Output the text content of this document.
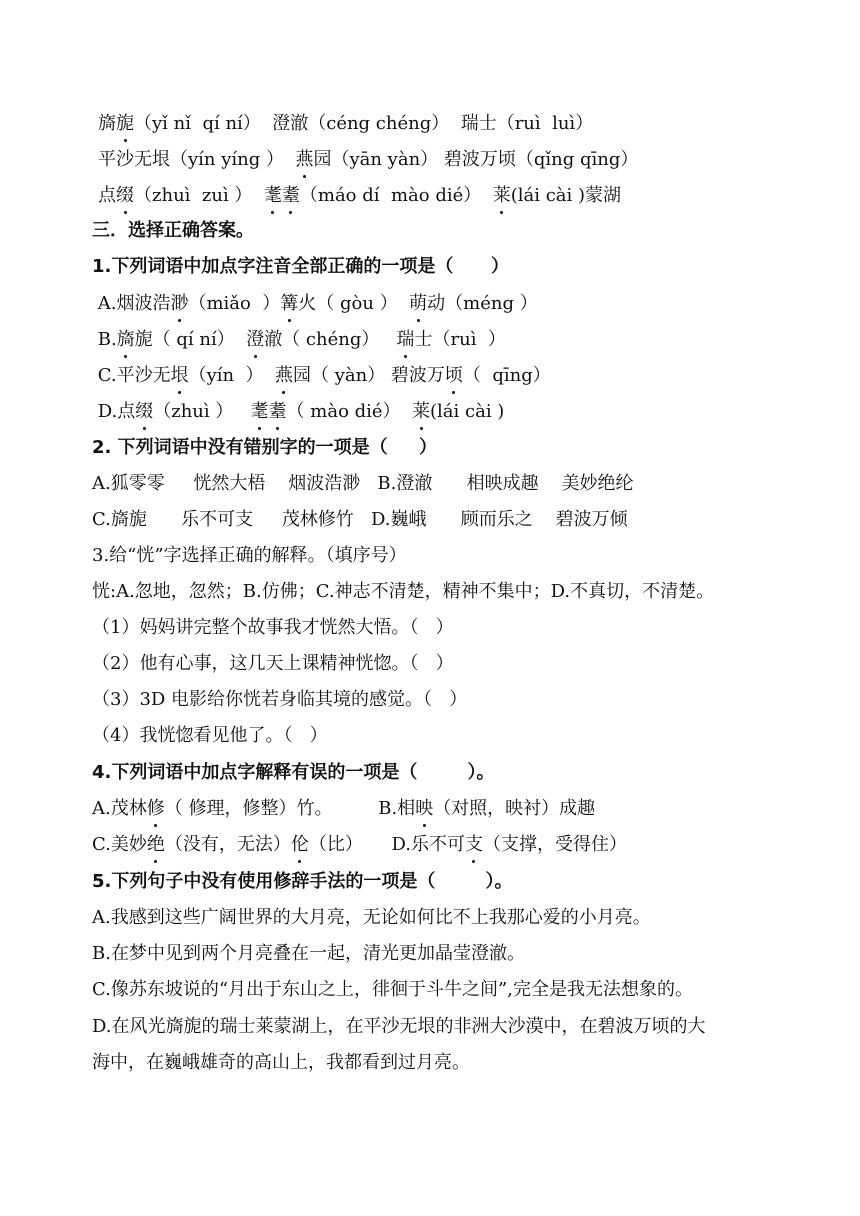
旖旎（yǐ nǐ  qí ní）  澄澈（céng chéng）  瑞士（ruì  luì）
平沙无垠（yín yíng ）  燕园（yān yàn） 碧波万顷（qǐng qīng）
点缀（zhuì  zuì ）  耄耋（máo dí  mào dié）  莱(lái cài )蒙湖
三．选择正确答案。
1.下列词语中加点字注音全部正确的一项是（      ）
A.烟波浩渺（miǎo  ）篝火（ gòu ）  萌动（méng ）
B.旖旎（ qí ní）  澄澈（ chéng）   瑞士（ruì  ）
C.平沙无垠（yín  ）  燕园（ yàn） 碧波万顷（  qīng）
D.点缀（zhuì ）   耄耋（ mào dié）  莱(lái cài )
2. 下列词语中没有错别字的一项是（     ）
A.狐零零     恍然大梧    烟波浩渺   B.澄澈      相映成趣    美妙绝纶
C.旖旎      乐不可支     茂林修竹   D.巍峨      顾而乐之    碧波万倾
3.给“恍”字选择正确的解释。（填序号）
恍:A.忽地，忽然；B.仿佛；C.神志不清楚，精神不集中；D.不真切，不清楚。
（1）妈妈讲完整个故事我才恍然大悟。（   ）
（2）他有心事，这几天上课精神恍惚。（   ）
（3）3D 电影给你恍若身临其境的感觉。（   ）
（4）我恍惚看见他了。（   ）
4.下列词语中加点字解释有误的一项是（        ）。
A.茂林修（ 修理，修整）竹。        B.相映（对照，映衬）成趣
C.美妙绝（没有，无法）伦（比）     D.乐不可支（支撑，受得住）
5.下列句子中没有使用修辞手法的一项是（        ）。
A.我感到这些广阔世界的大月亮，无论如何比不上我那心爱的小月亮。
B.在梦中见到两个月亮叠在一起，清光更加晶莹澄澈。
C.像苏东坡说的“月出于东山之上，徘徊于斗牛之间”,完全是我无法想象的。
D.在风光旖旎的瑞士莱蒙湖上，在平沙无垠的非洲大沙漠中，在碧波万顷的大
海中，在巍峨雄奇的高山上，我都看到过月亮。
